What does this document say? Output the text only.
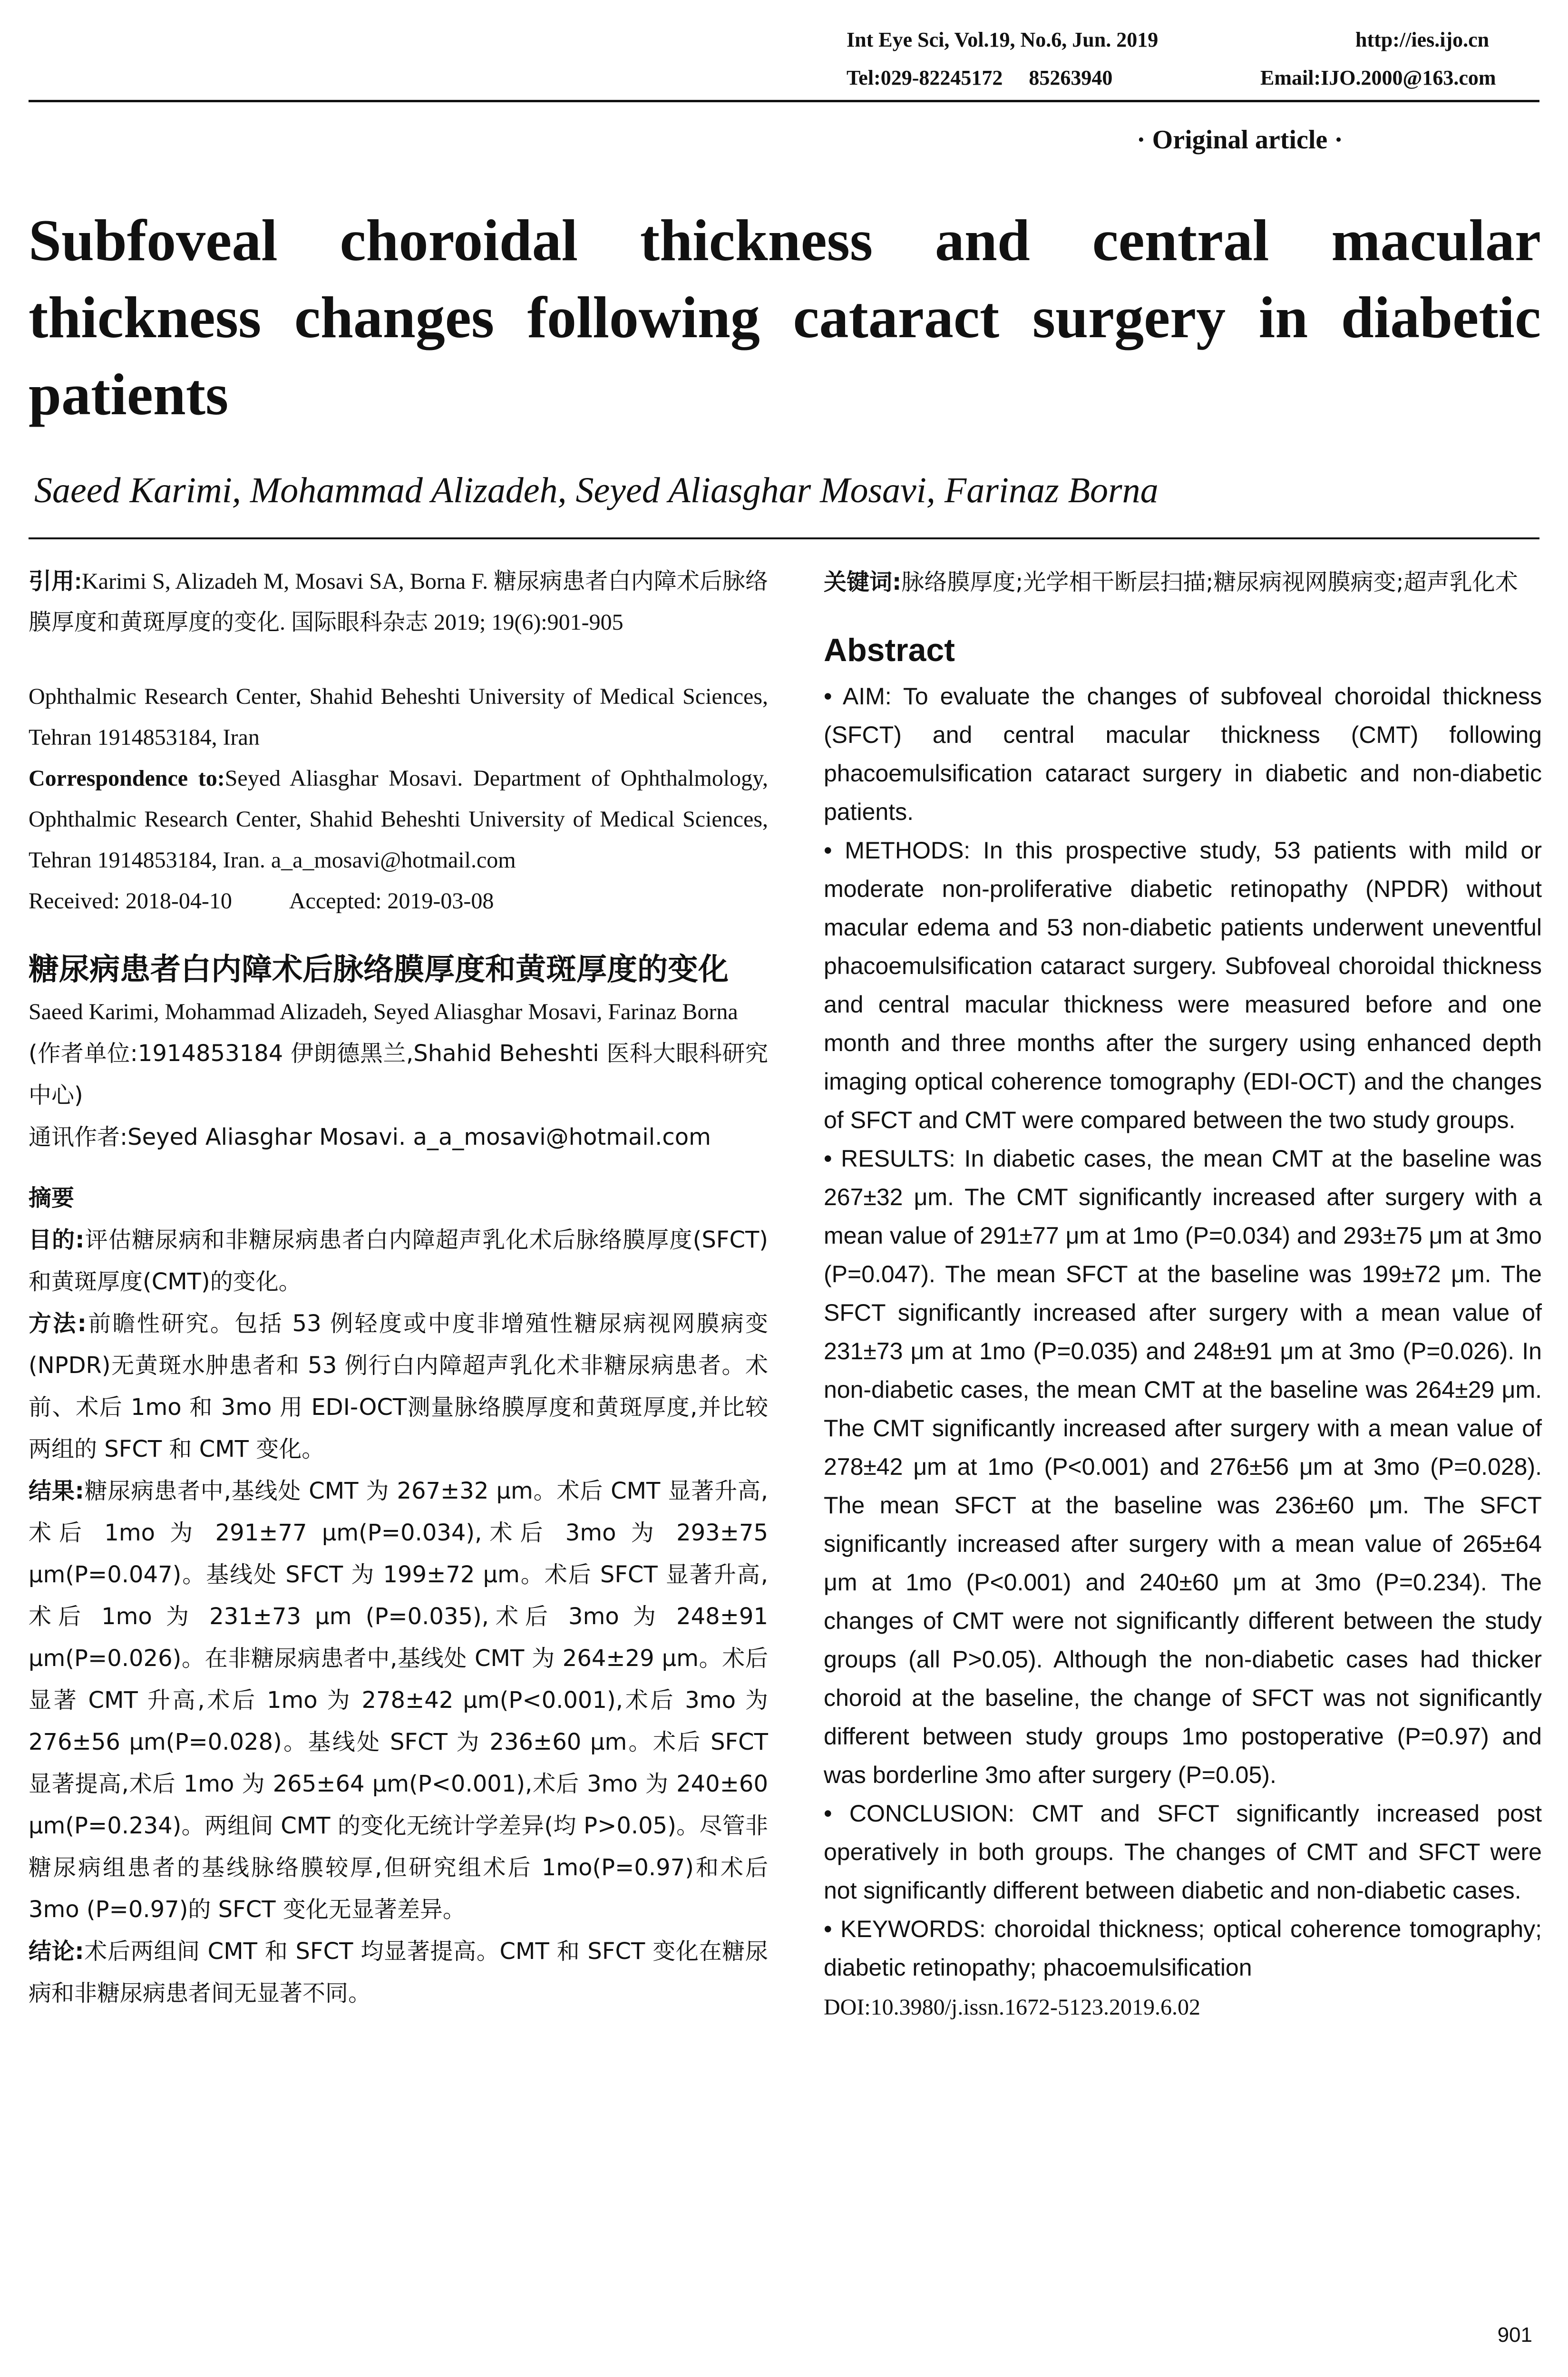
Int Eye Sci, Vol.19, No.6, Jun. 2019	http://ies.ijo.cn
Tel:029-82245172     85263940	Email:IJO.2000@163.com
· Original article ·
Subfoveal choroidal thickness and central macular thickness changes following cataract surgery in diabetic patients
Saeed Karimi, Mohammad Alizadeh, Seyed Aliasghar Mosavi, Farinaz Borna

引用:Karimi S, Alizadeh M, Mosavi SA, Borna F. 糖尿病患者白内障术后脉络膜厚度和黄斑厚度的变化. 国际眼科杂志 2019; 19(6):901-905

Ophthalmic Research Center, Shahid Beheshti University of Medical Sciences, Tehran 1914853184, Iran

Correspondence to:Seyed Aliasghar Mosavi. Department of Ophthalmology, Ophthalmic Research Center, Shahid Beheshti University of Medical Sciences, Tehran 1914853184, Iran. a_a_mosavi@hotmail.com

Received: 2018-04-10	Accepted: 2019-03-08

糖尿病患者白内障术后脉络膜厚度和黄斑厚度的变化

Saeed Karimi, Mohammad Alizadeh, Seyed Aliasghar Mosavi, Farinaz Borna

(作者单位:1914853184 伊朗德黑兰,Shahid Beheshti 医科大眼科研究中心)

通讯作者:Seyed Aliasghar Mosavi. a_a_mosavi@hotmail.com

摘要

目的:评估糖尿病和非糖尿病患者白内障超声乳化术后脉络膜厚度(SFCT)和黄斑厚度(CMT)的变化。

方法:前瞻性研究。包括 53 例轻度或中度非增殖性糖尿病视网膜病变(NPDR)无黄斑水肿患者和 53 例行白内障超声乳化术非糖尿病患者。术前、术后 1mo 和 3mo 用 EDI-OCT测量脉络膜厚度和黄斑厚度,并比较两组的 SFCT 和 CMT 变化。

结果:糖尿病患者中,基线处 CMT 为 267±32 μm。术后 CMT 显著升高,术后 1mo 为 291±77 μm(P=0.034),术后 3mo 为 293±75 μm(P=0.047)。基线处 SFCT 为 199±72 μm。术后 SFCT 显著升高,术后 1mo 为 231±73 μm (P=0.035),术后 3mo 为 248±91 μm(P=0.026)。在非糖尿病患者中,基线处 CMT 为 264±29 μm。术后显著 CMT 升高,术后 1mo 为 278±42 μm(P<0.001),术后 3mo 为276±56 μm(P=0.028)。基线处 SFCT 为 236±60 μm。术后 SFCT 显著提高,术后 1mo 为 265±64 μm(P<0.001),术后 3mo 为 240±60 μm(P=0.234)。两组间 CMT 的变化无统计学差异(均 P>0.05)。尽管非糖尿病组患者的基线脉络膜较厚,但研究组术后 1mo(P=0.97)和术后 3mo (P=0.97)的 SFCT 变化无显著差异。

结论:术后两组间 CMT 和 SFCT 均显著提高。CMT 和 SFCT 变化在糖尿病和非糖尿病患者间无显著不同。

关键词:脉络膜厚度;光学相干断层扫描;糖尿病视网膜病变;超声乳化术

Abstract

• AIM: To evaluate the changes of subfoveal choroidal thickness (SFCT) and central macular thickness (CMT) following phacoemulsification cataract surgery in diabetic and non-diabetic patients.

• METHODS: In this prospective study, 53 patients with mild or moderate non-proliferative diabetic retinopathy (NPDR) without macular edema and 53 non-diabetic patients underwent uneventful phacoemulsification cataract surgery. Subfoveal choroidal thickness and central macular thickness were measured before and one month and three months after the surgery using enhanced depth imaging optical coherence tomography (EDI-OCT) and the changes of SFCT and CMT were compared between the two study groups.

• RESULTS: In diabetic cases, the mean CMT at the baseline was 267±32 μm. The CMT significantly increased after surgery with a mean value of 291±77 μm at 1mo (P=0.034) and 293±75 μm at 3mo (P=0.047). The mean SFCT at the baseline was 199±72 μm. The SFCT significantly increased after surgery with a mean value of 231±73 μm at 1mo (P=0.035) and 248±91 μm at 3mo (P=0.026). In non-diabetic cases, the mean CMT at the baseline was 264±29 μm. The CMT significantly increased after surgery with a mean value of 278±42 μm at 1mo (P<0.001) and 276±56 μm at 3mo (P=0.028). The mean SFCT at the baseline was 236±60 μm. The SFCT significantly increased after surgery with a mean value of 265±64 μm at 1mo (P<0.001) and 240±60 μm at 3mo (P=0.234). The changes of CMT were not significantly different between the study groups (all P>0.05). Although the non-diabetic cases had thicker choroid at the baseline, the change of SFCT was not significantly different between study groups 1mo postoperative (P=0.97) and was borderline 3mo after surgery (P=0.05).

• CONCLUSION: CMT and SFCT significantly increased post operatively in both groups. The changes of CMT and SFCT were not significantly different between diabetic and non-diabetic cases.

• KEYWORDS: choroidal thickness; optical coherence tomography; diabetic retinopathy; phacoemulsification

DOI:10.3980/j.issn.1672-5123.2019.6.02

901
